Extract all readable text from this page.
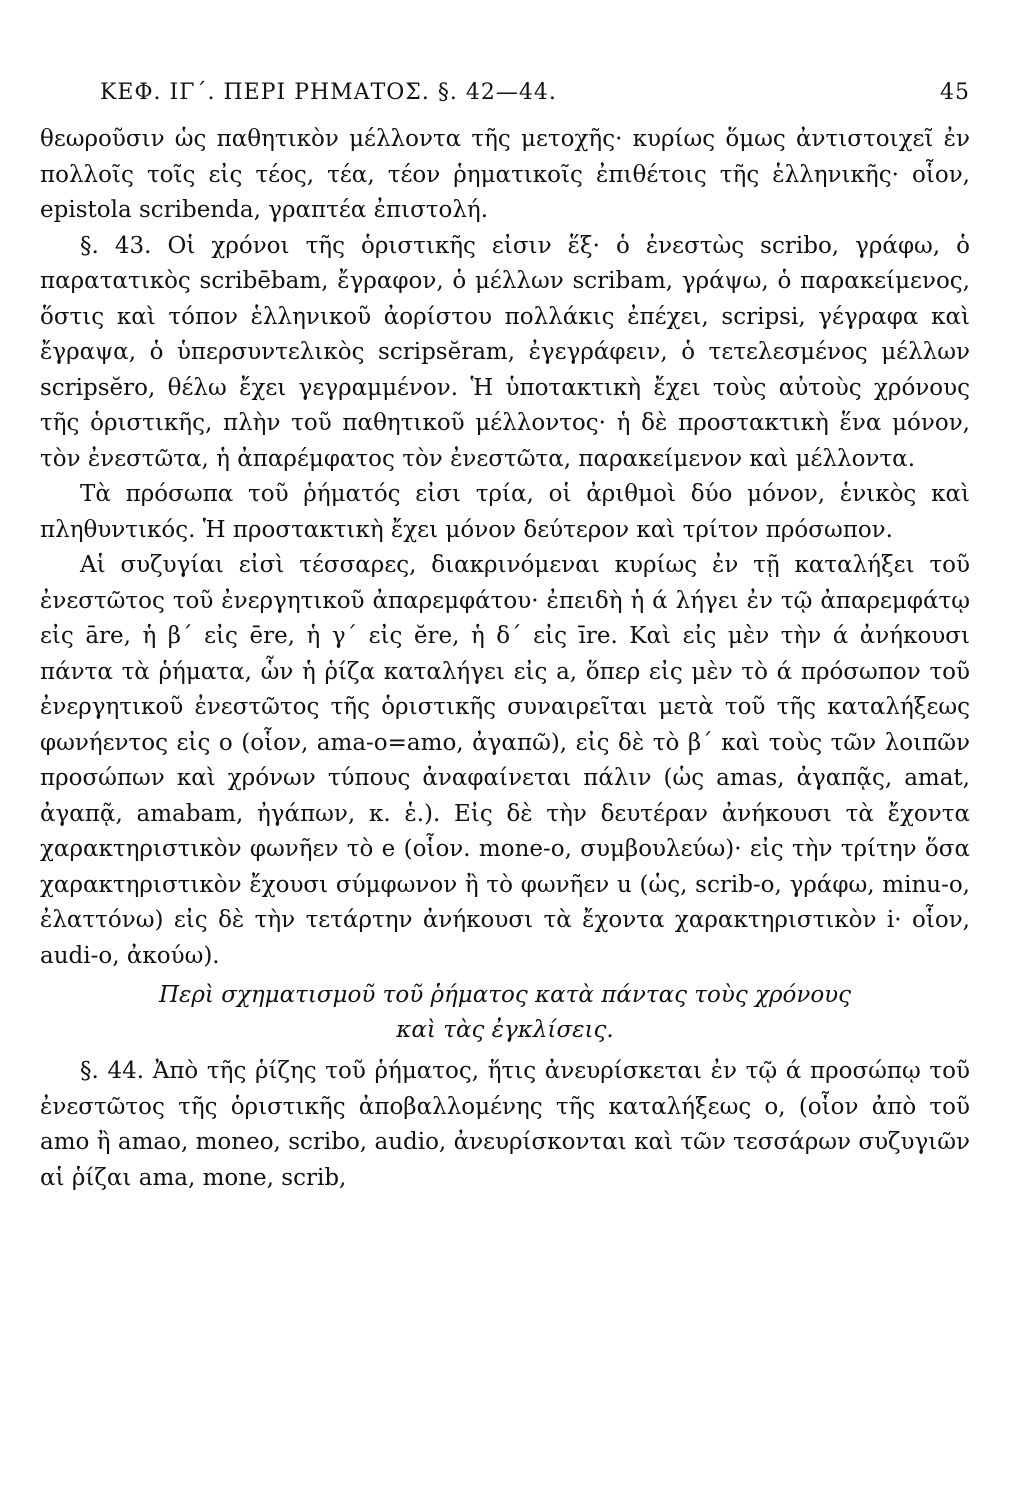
ΚΕΦ. ΙΓ΄. ΠΕΡΙ ΡΗΜΑΤΟΣ. §. 42—44.	45

θεωροῦσιν ὡς παθητικὸν μέλλοντα τῆς μετοχῆς· κυρίως ὅμως ἀντιστοιχεῖ ἐν πολλοῖς τοῖς εἰς τέος, τέα, τέον ῥηματικοῖς ἐπιθέτοις τῆς ἑλληνικῆς· οἷον, epistola scribenda, γραπτέα ἐπιστολή.

§. 43. Οἱ χρόνοι τῆς ὁριστικῆς εἰσιν ἕξ· ὁ ἐνεστὼς scribo, γράφω, ὁ παρατατικὸς scribēbam, ἔγραφον, ὁ μέλλων scribam, γράψω, ὁ παρακείμενος, ὅστις καὶ τόπον ἑλληνικοῦ ἀορίστου πολλάκις ἐπέχει, scripsi, γέγραφα καὶ ἔγραψα, ὁ ὑπερσυντελικὸς scripsĕram, ἐγεγράφειν, ὁ τετελεσμένος μέλλων scripsĕro, θέλω ἔχει γεγραμμένον. Ἡ ὑποτακτικὴ ἔχει τοὺς αὐτοὺς χρόνους τῆς ὁριστικῆς, πλὴν τοῦ παθητικοῦ μέλλοντος· ἡ δὲ προστακτικὴ ἕνα μόνον, τὸν ἐνεστῶτα, ἡ ἀπαρέμφατος τὸν ἐνεστῶτα, παρακείμενον καὶ μέλλοντα.

Τὰ πρόσωπα τοῦ ῥήματός εἰσι τρία, οἱ ἀριθμοὶ δύο μόνον, ἑνικὸς καὶ πληθυντικός. Ἡ προστακτικὴ ἔχει μόνον δεύτερον καὶ τρίτον πρόσωπον.

Αἱ συζυγίαι εἰσὶ τέσσαρες, διακρινόμεναι κυρίως ἐν τῇ καταλήξει τοῦ ἐνεστῶτος τοῦ ἐνεργητικοῦ ἀπαρεμφάτου· ἐπειδὴ ἡ ά λήγει ἐν τῷ ἀπαρεμφάτῳ εἰς āre, ἡ β΄ εἰς ēre, ἡ γ΄ εἰς ĕre, ἡ δ΄ εἰς īre. Καὶ εἰς μὲν τὴν ά ἀνήκουσι πάντα τὰ ῥήματα, ὧν ἡ ῥίζα καταλήγει εἰς a, ὅπερ εἰς μὲν τὸ ά πρόσωπον τοῦ ἐνεργητικοῦ ἐνεστῶτος τῆς ὁριστικῆς συναιρεῖται μετὰ τοῦ τῆς καταλήξεως φωνήεντος εἰς o (οἷον, ama-o=amo, ἀγαπῶ), εἰς δὲ τὸ β΄ καὶ τοὺς τῶν λοιπῶν προσώπων καὶ χρόνων τύπους ἀναφαίνεται πάλιν (ὡς amas, ἀγαπᾷς, amat, ἀγαπᾷ, amabam, ἠγάπων, κ. ἑ.). Εἰς δὲ τὴν δευτέραν ἀνήκουσι τὰ ἔχοντα χαρακτηριστικὸν φωνῆεν τὸ e (οἷον. mone-o, συμβουλεύω)· εἰς τὴν τρίτην ὅσα χαρακτηριστικὸν ἔχουσι σύμφωνον ἢ τὸ φωνῆεν u (ὡς, scrib-o, γράφω, minu-o, ἐλαττόνω) εἰς δὲ τὴν τετάρτην ἀνήκουσι τὰ ἔχοντα χαρακτηριστικὸν i· οἷον, audi-o, ἀκούω).

Περὶ σχηματισμοῦ τοῦ ῥήματος κατὰ πάντας τοὺς χρόνους
καὶ τὰς ἐγκλίσεις.

§. 44. Ἀπὸ τῆς ῥίζης τοῦ ῥήματος, ἥτις ἀνευρίσκεται ἐν τῷ ά προσώπῳ τοῦ ἐνεστῶτος τῆς ὁριστικῆς ἀποβαλλομένης τῆς καταλήξεως o, (οἷον ἀπὸ τοῦ amo ἢ amao, moneo, scribo, audio, ἀνευρίσκονται καὶ τῶν τεσσάρων συζυγιῶν αἱ ῥίζαι ama, mone, scrib,
